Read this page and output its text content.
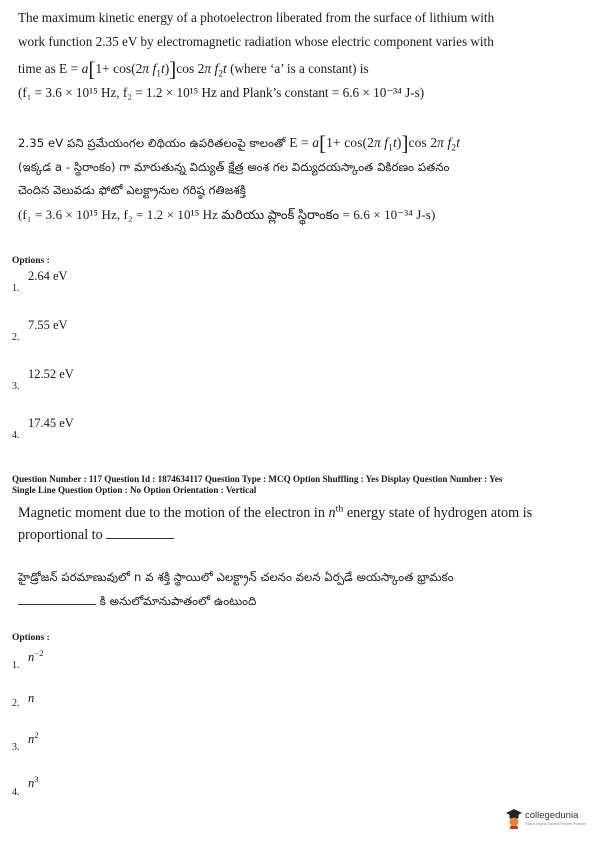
The maximum kinetic energy of a photoelectron liberated from the surface of lithium with
work function 2.35 eV by electromagnetic radiation whose electric component varies with
time as E = a[1+ cos(2π $f_1t)]\cos$ 2π $f_2t$ (where ‘a’ is a constant) is
(f₁ = 3.6 × 10¹⁵ Hz, f₂ = 1.2 × 10¹⁵ Hz and Plank’s constant = 6.6 × 10⁻³⁴ J-s)
2.35 eV పని ప్రమేయంగల లిథియం ఉపరితలంపై కాలంతో E = a[1+ cos(2π $f_1t)]\cos$ 2π $f_2t$
(ఇక్కడ a - స్థిరాంకం) గా మారుతున్న విద్యుత్ క్షేత్ర అంశ గల విద్యుదయస్కాంత వికిరణం పతనం
చెందిన వెలువడు ఫోటో ఎలక్ట్రానుల గరిష్ఠ గతిజశక్తి
(f₁ = 3.6 × 10¹⁵ Hz, f₂ = 1.2 × 10¹⁵ Hz మరియు ప్లాంక్ స్థిరాంకం = 6.6 × 10⁻³⁴ J-s)
Options :
2.64 eV
1.
7.55 eV
2.
12.52 eV
3.
17.45 eV
4.
Question Number : 117 Question Id : 1874634117 Question Type : MCQ Option Shuffling : Yes Display Question Number : Yes
Single Line Question Option : No Option Orientation : Vertical
Magnetic moment due to the motion of the electron in $n^{th}$ energy state of hydrogen atom is
proportional to
హైడ్రోజన్ పరమాణువులో n వ శక్తి స్థాయిలో ఎలక్ట్రాన్ చలనం వలన ఏర్పడే అయస్కాంత భ్రామకం
కి అనులోమానుపాతంలో ఉంటుంది
Options :
$n^{-2}$
1.
n
2.
$n^2$
3.
$n^3$
4.
collegedunia
India's largest Student Review Platform
